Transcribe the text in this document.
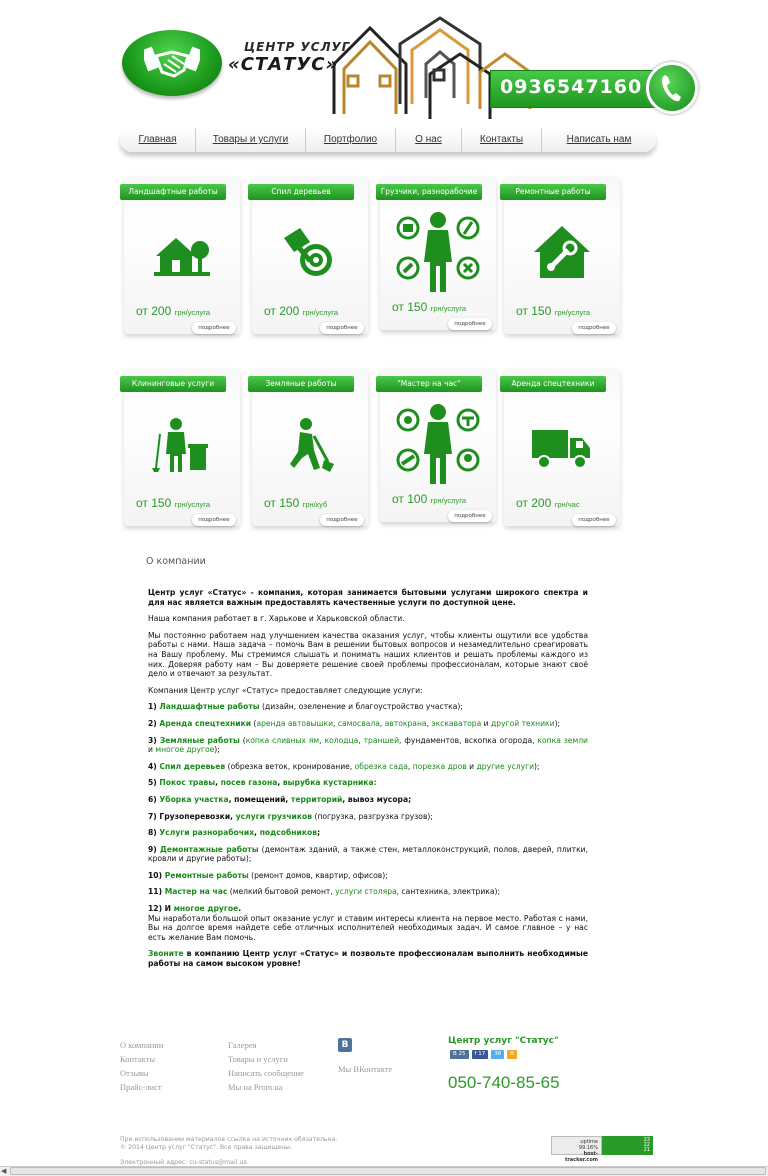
ЦЕНТР УСЛУГ
«СТАТУС»
0936547160
Главная	Товары и услуги	Портфолио	О нас	Контакты	Написать нам
Ландшафтные работы
от 200 грн/услуга
подробнее
Спил деревьев
от 200 грн/услуга
подробнее
Грузчики, разнорабочие
от 150 грн/услуга
подробнее
Ремонтные работы
от 150 грн/услуга
подробнее
Клининговые услуги
от 150 грн/услуга
подробнее
Земляные работы
от 150 грн/куб
подробнее
"Мастер на час"
от 100 грн/услуга
подробнее
Аренда спецтехники
от 200 грн/час
подробнее
О компании

Центр услуг «Статус» - компания, которая занимается бытовыми услугами широкого спектра и для нас является важным предоставлять качественные услуги по доступной цене.

Наша компания работает в г. Харькове и Харьковской области.

Мы постоянно работаем над улучшением качества оказания услуг, чтобы клиенты ощутили все удобства работы с нами. Наша задача – помочь Вам в решении бытовых вопросов и незамедлительно среагировать на Вашу проблему. Мы стремимся слышать и понимать наших клиентов и решать проблемы каждого из них. Доверяя работу нам – Вы доверяете решение своей проблемы профессионалам, которые знают своё дело и отвечают за результат.

Компания Центр услуг «Статус» предоставляет следующие услуги:

1) Ландшафтные работы (дизайн, озеленение и благоустройство участка);

2) Аренда спецтехники (аренда автовышки, самосвала, автокрана, экскаватора и другой техники);

3) Земляные работы (копка сливных ям, колодца, траншей, фундаментов, вскопка огорода, копка земли и многое другое);

4) Спил деревьев (обрезка веток, кронирование, обрезка сада, порезка дров и другие услуги);

5) Покос травы, посев газона, вырубка кустарника:

6) Уборка участка, помещений, территорий, вывоз мусора;

7) Грузоперевозки, услуги грузчиков (погрузка, разгрузка грузов);

8) Услуги разнорабочих, подсобников;

9) Демонтажные работы (демонтаж зданий, а также стен, металлоконструкций, полов, дверей, плитки, кровли и другие работы);

10) Ремонтные работы (ремонт домов, квартир, офисов);

11) Мастер на час (мелкий бытовой ремонт, услуги столяра, сантехника, электрика);

12) И многое другое.

Мы наработали большой опыт оказание услуг и ставим интересы клиента на первое место. Работая с нами, Вы на долгое время найдете себе отличных исполнителей необходимых задач. И самое главное – у нас есть желание Вам помочь.

Звоните в компанию Центр услуг «Статус» и позвольте профессионалам выполнить необходимые работы на самом высоком уровне!

О компании
Контакты
Отзывы
Прайс-лист
Галерея
Товары и услуги
Написать сообщение
Мы на Prom.ua
В
Мы ВКонтакте
Центр услуг "Статус"
В 25	f 17	36	0
050-740-85-65
При использовании материалов ссылка на источник обязательна.
© 2014 Центр услуг "Статус". Все права защищены.
Электронный адрес: cu-status@mail.ua
uptime
99.16%
host-tracker.com
23
22
21
◀
